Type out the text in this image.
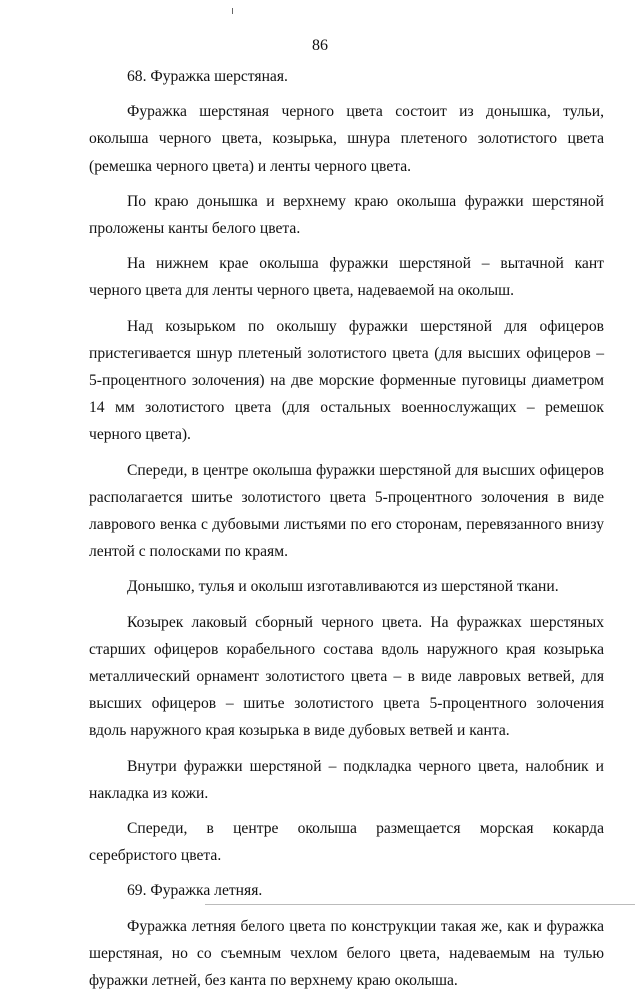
86

68. Фуражка шерстяная.

Фуражка шерстяная черного цвета состоит из донышка, тульи, околыша черного цвета, козырька, шнура плетеного золотистого цвета (ремешка черного цвета) и ленты черного цвета.

По краю донышка и верхнему краю околыша фуражки шерстяной проложены канты белого цвета.

На нижнем крае околыша фуражки шерстяной – вытачной кант черного цвета для ленты черного цвета, надеваемой на околыш.

Над козырьком по околышу фуражки шерстяной для офицеров пристегивается шнур плетеный золотистого цвета (для высших офицеров – 5-процентного золочения) на две морские форменные пуговицы диаметром 14 мм золотистого цвета (для остальных военнослужащих – ремешок черного цвета).

Спереди, в центре околыша фуражки шерстяной для высших офицеров располагается шитье золотистого цвета 5-процентного золочения в виде лаврового венка с дубовыми листьями по его сторонам, перевязанного внизу лентой с полосками по краям.

Донышко, тулья и околыш изготавливаются из шерстяной ткани.

Козырек лаковый сборный черного цвета. На фуражках шерстяных старших офицеров корабельного состава вдоль наружного края козырька металлический орнамент золотистого цвета – в виде лавровых ветвей, для высших офицеров – шитье золотистого цвета 5-процентного золочения вдоль наружного края козырька в виде дубовых ветвей и канта.

Внутри фуражки шерстяной – подкладка черного цвета, налобник и накладка из кожи.

Спереди, в центре околыша размещается морская кокарда серебристого цвета.

69. Фуражка летняя.

Фуражка летняя белого цвета по конструкции такая же, как и фуражка шерстяная, но со съемным чехлом белого цвета, надеваемым на тулью фуражки летней, без канта по верхнему краю околыша.
